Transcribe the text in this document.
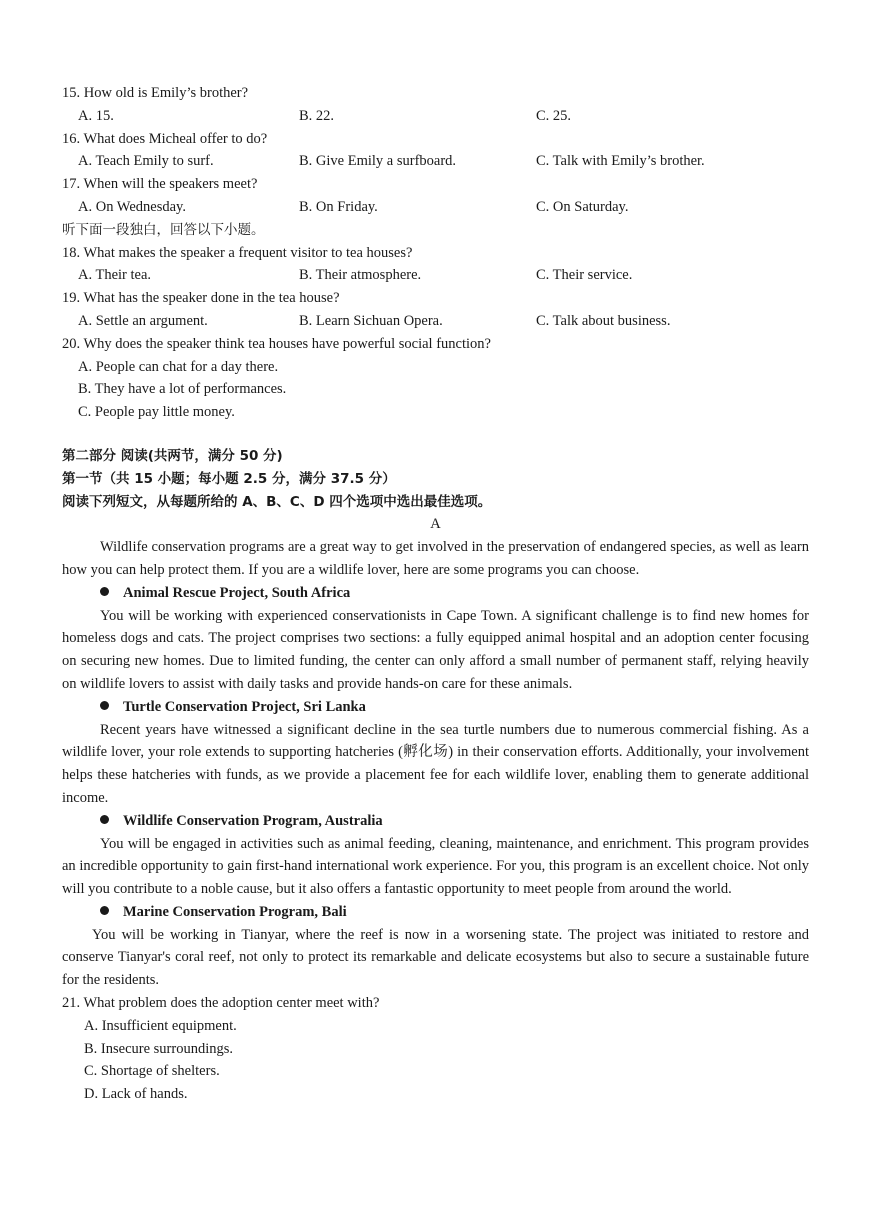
15. How old is Emily’s brother?
A. 15.	B. 22.	C. 25.
16. What does Micheal offer to do?
A. Teach Emily to surf.	B. Give Emily a surfboard.	C. Talk with Emily’s brother.
17. When will the speakers meet?
A. On Wednesday.	B. On Friday.	C. On Saturday.
听下面一段独白，回答以下小题。
18. What makes the speaker a frequent visitor to tea houses?
A. Their tea.	B. Their atmosphere.	C. Their service.
19. What has the speaker done in the tea house?
A. Settle an argument.	B. Learn Sichuan Opera.	C. Talk about business.
20. Why does the speaker think tea houses have powerful social function?
A. People can chat for a day there.
B. They have a lot of performances.
C. People pay little money.
第二部分 阅读(共两节，满分 50 分)
第一节（共 15 小题；每小题 2.5 分，满分 37.5 分）
阅读下列短文，从每题所给的 A、B、C、D 四个选项中选出最佳选项。
A

Wildlife conservation programs are a great way to get involved in the preservation of endangered species, as well as learn how you can help protect them. If you are a wildlife lover, here are some programs you can choose.

Animal Rescue Project, South Africa

You will be working with experienced conservationists in Cape Town. A significant challenge is to find new homes for homeless dogs and cats. The project comprises two sections: a fully equipped animal hospital and an adoption center focusing on securing new homes. Due to limited funding, the center can only afford a small number of permanent staff, relying heavily on wildlife lovers to assist with daily tasks and provide hands-on care for these animals.

Turtle Conservation Project, Sri Lanka

Recent years have witnessed a significant decline in the sea turtle numbers due to numerous commercial fishing. As a wildlife lover, your role extends to supporting hatcheries (孵化场) in their conservation efforts. Additionally, your involvement helps these hatcheries with funds, as we provide a placement fee for each wildlife lover, enabling them to generate additional income.

Wildlife Conservation Program, Australia

You will be engaged in activities such as animal feeding, cleaning, maintenance, and enrichment. This program provides an incredible opportunity to gain first-hand international work experience. For you, this program is an excellent choice. Not only will you contribute to a noble cause, but it also offers a fantastic opportunity to meet people from around the world.

Marine Conservation Program, Bali

You will be working in Tianyar, where the reef is now in a worsening state. The project was initiated to restore and conserve Tianyar's coral reef, not only to protect its remarkable and delicate ecosystems but also to secure a sustainable future for the residents.

21. What problem does the adoption center meet with?
A. Insufficient equipment.
B. Insecure surroundings.
C. Shortage of shelters.
D. Lack of hands.
